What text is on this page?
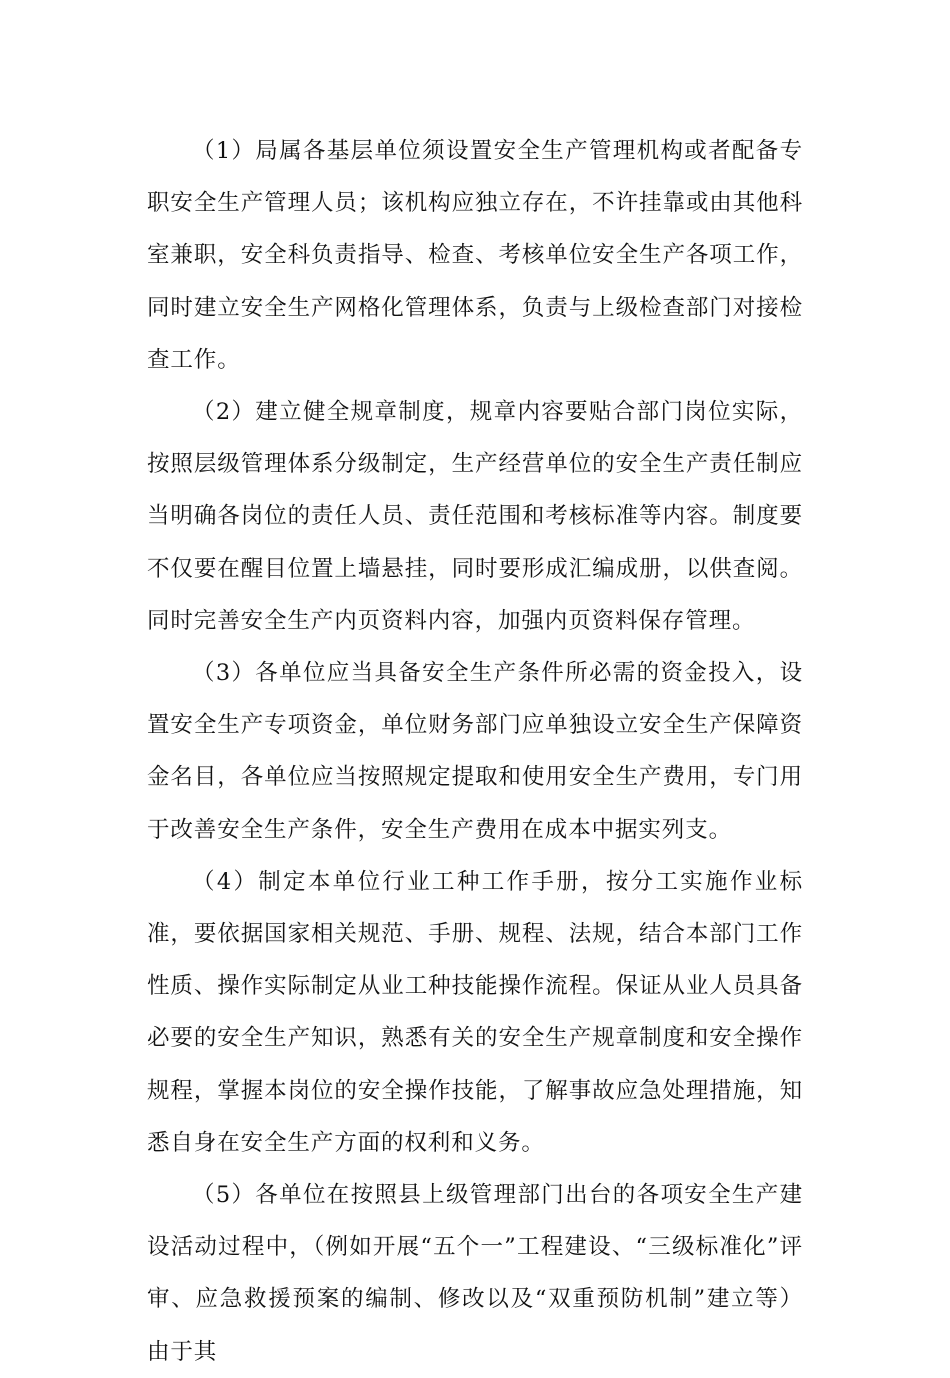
（1）局属各基层单位须设置安全生产管理机构或者配备专职安全生产管理人员；该机构应独立存在，不许挂靠或由其他科室兼职，安全科负责指导、检查、考核单位安全生产各项工作，同时建立安全生产网格化管理体系，负责与上级检查部门对接检查工作。

（2）建立健全规章制度，规章内容要贴合部门岗位实际，按照层级管理体系分级制定，生产经营单位的安全生产责任制应当明确各岗位的责任人员、责任范围和考核标准等内容。制度要不仅要在醒目位置上墙悬挂，同时要形成汇编成册，以供查阅。同时完善安全生产内页资料内容，加强内页资料保存管理。

（3）各单位应当具备安全生产条件所必需的资金投入，设置安全生产专项资金，单位财务部门应单独设立安全生产保障资金名目，各单位应当按照规定提取和使用安全生产费用，专门用于改善安全生产条件，安全生产费用在成本中据实列支。

（4）制定本单位行业工种工作手册，按分工实施作业标准，要依据国家相关规范、手册、规程、法规，结合本部门工作性质、操作实际制定从业工种技能操作流程。保证从业人员具备必要的安全生产知识，熟悉有关的安全生产规章制度和安全操作规程，掌握本岗位的安全操作技能，了解事故应急处理措施，知悉自身在安全生产方面的权利和义务。

（5）各单位在按照县上级管理部门出台的各项安全生产建设活动过程中，（例如开展“五个一”工程建设、“三级标准化”评审、应急救援预案的编制、修改以及“双重预防机制”建立等）由于其
